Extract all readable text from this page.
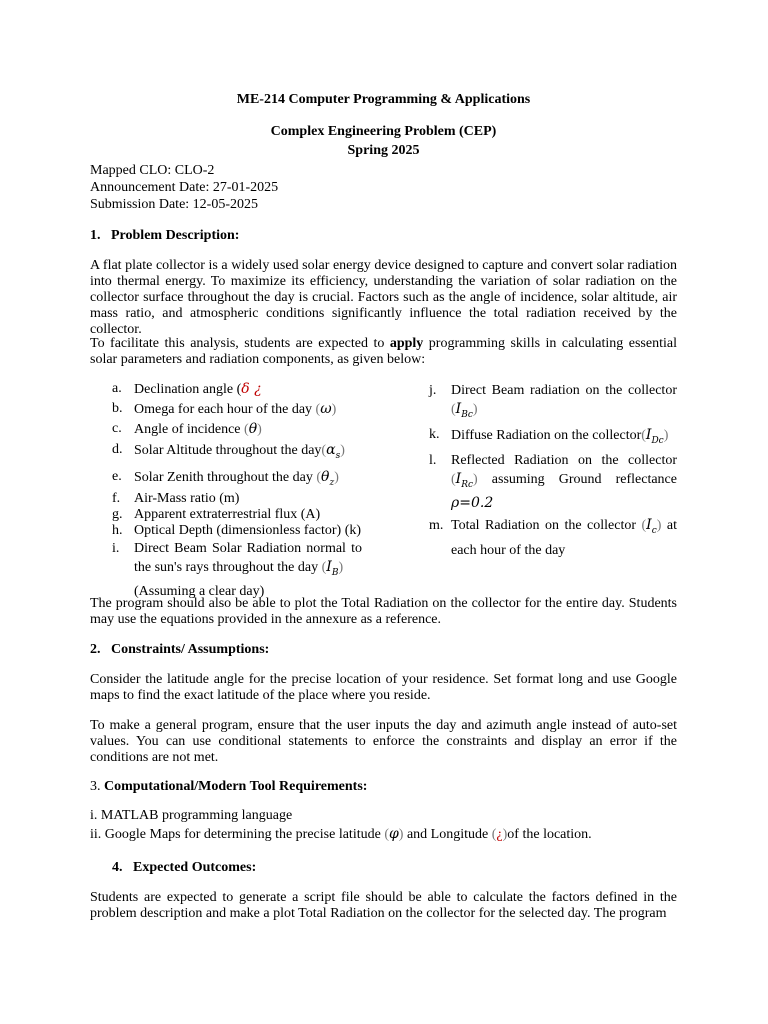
ME-214 Computer Programming & Applications
Complex Engineering Problem (CEP)
Spring 2025
Mapped CLO: CLO-2
Announcement Date: 27-01-2025
Submission Date: 12-05-2025
1.   Problem Description:
A flat plate collector is a widely used solar energy device designed to capture and convert solar radiation into thermal energy. To maximize its efficiency, understanding the variation of solar radiation on the collector surface throughout the day is crucial. Factors such as the angle of incidence, solar altitude, air mass ratio, and atmospheric conditions significantly influence the total radiation received by the collector.
To facilitate this analysis, students are expected to apply programming skills in calculating essential solar parameters and radiation components, as given below:
a. Declination angle (δ ¿
b. Omega for each hour of the day (ω)
c. Angle of incidence (θ)
d. Solar Altitude throughout the $day(\alpha_s)$
e. Solar Zenith throughout the day $(\theta_z)$
f. Air-Mass ratio (m)
g. Apparent extraterrestrial flux (A)
h. Optical Depth (dimensionless factor) (k)
i.	Direct Beam Solar Radiation normal to the sun's rays throughout the day $(I_B)$
(Assuming a clear day)
j.	Direct Beam radiation on the collector $(I_{Bc})$
k. Diffuse Radiation on the $collector(I_{Dc})$
l.	Reflected Radiation on the collector $(I_{Rc})$ assuming Ground reflectance ρ=0.2
m. Total Radiation on the collector $(I_c)$ at each hour of the day
The program should also be able to plot the Total Radiation on the collector for the entire day. Students may use the equations provided in the annexure as a reference.
2.   Constraints/ Assumptions:
Consider the latitude angle for the precise location of your residence. Set format long and use Google maps to find the exact latitude of the place where you reside.
To make a general program, ensure that the user inputs the day and azimuth angle instead of auto-set values. You can use conditional statements to enforce the constraints and display an error if the conditions are not met.
3. Computational/Modern Tool Requirements:
i. MATLAB programming language
ii. Google Maps for determining the precise latitude (φ) and Longitude (¿)of the location.
4.   Expected Outcomes:
Students are expected to generate a script file should be able to calculate the factors defined in the problem description and make a plot Total Radiation on the collector for the selected day. The program
